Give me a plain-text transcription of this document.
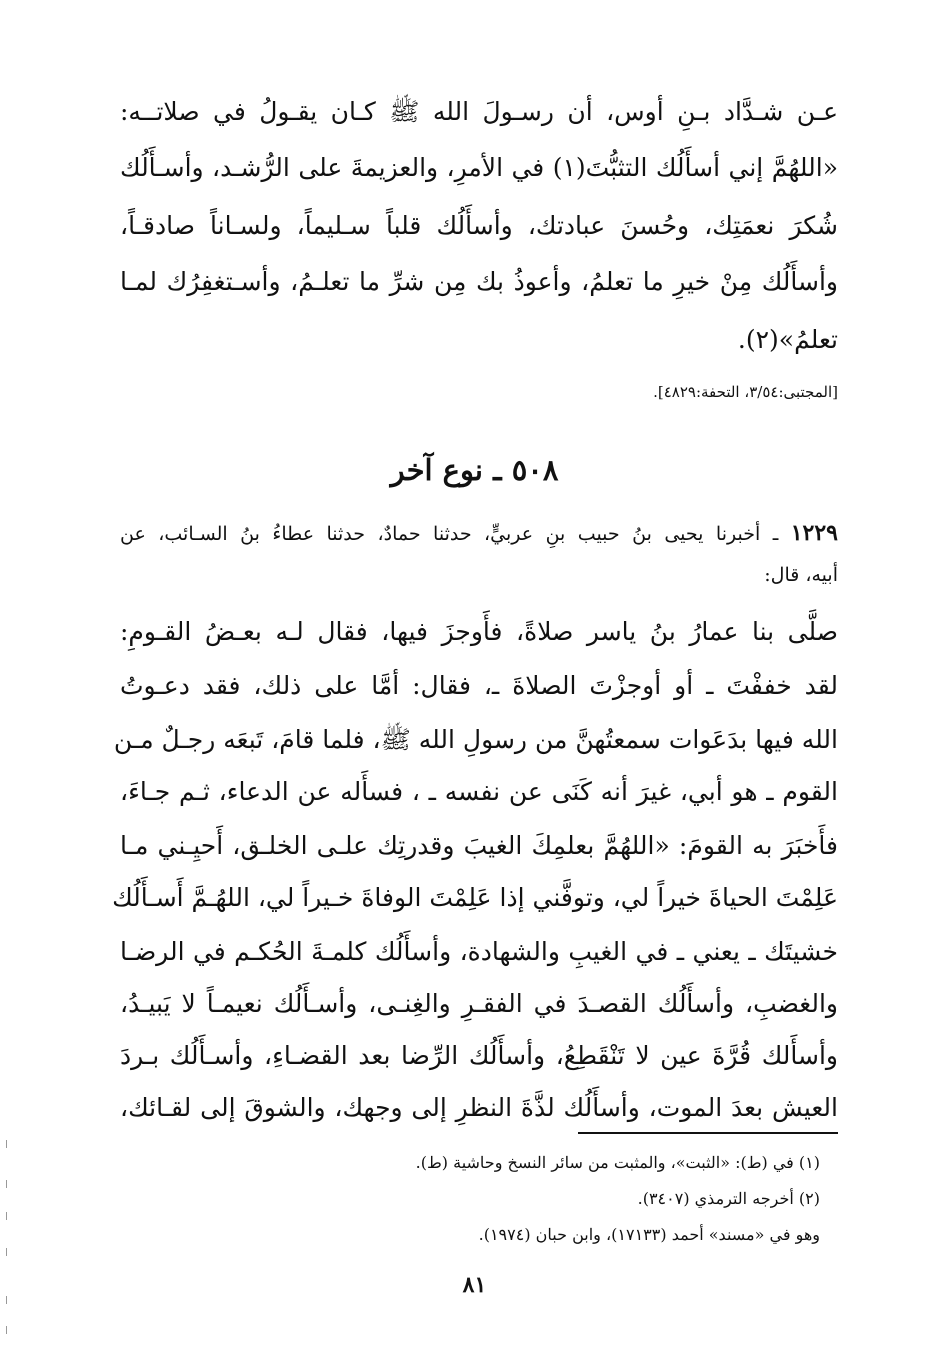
عـن شـدَّاد بـنِ أوس، أن رسـولَ الله ﷺ كـان يقـولُ في صلاتــه:
«اللهُمَّ إني أسأَلُك التثبُّتَ(١) في الأمرِ، والعزيمةَ على الرُّشـد، وأسـأَلُك
شُكرَ نعمَتِك، وحُسنَ عبادتك، وأسأَلُك قلباً سـليماً، ولسـاناً صادقـاً،
وأسأَلُك مِنْ خيرِ ما تعلمُ، وأعوذُ بك مِن شرِّ ما تعلـمُ، وأسـتغفِرُك لمـا
تعلمُ»(٢).
[المجتبى:٣/٥٤، التحفة:٤٨٢٩].
٥٠٨ ـ نوع آخر
١٢٢٩ ـ أخبرنا يحيى بنُ حبيب بنِ عربيٍّ، حدثنا حمادٌ، حدثنا عطاءُ بنُ السـائب، عن
أبيه، قال:
صلَّى بنا عمارُ بنُ ياسر صلاةً، فأَوجزَ فيها، فقال لـه بعـضُ القـومِ:
لقد خففْتَ ـ أو أوجزْتَ الصلاةَ ـ، فقال: أمَّا على ذلك، فقد دعـوتُ
الله فيها بدَعَوات سمعتُهنَّ من رسولِ الله ﷺ، فلما قامَ، تَبعَه رجـلٌ مـن
القوم ـ هو أبي، غيرَ أنه كَنَى عن نفسه ـ ، فسأَله عن الدعاء، ثـم جـاءَ،
فأَخبَرَ به القومَ: «اللهُمَّ بعلمِكَ الغيبَ وقدرتِك علـى الخلـق، أَحيِـني مـا
عَلِمْتَ الحياةَ خيراً لي، وتوفَّني إذا عَلِمْتَ الوفاةَ خـيراً لي، اللهُـمَّ أَسـأَلُك
خشيتَك ـ يعني ـ في الغيبِ والشهادة، وأسأَلُك كلمـةَ الحُكـم في الرضـا
والغضبِ، وأسأَلُك القصـدَ في الفقـرِ والغِنـى، وأسـأَلُك نعيمـاً لا يَبيـدُ،
وأسأَلك قُرَّةَ عين لا تَنْقَطِعُ، وأسأَلُك الرِّضا بعد القضـاءِ، وأسـأَلُك بـردَ
العيش بعدَ الموت، وأسأَلُك لذَّةَ النظرِ إلى وجهك، والشوقَ إلى لقـائك،
(١) في (ط): «الثبت»، والمثبت من سائر النسخ وحاشية (ط).
(٢) أخرجه الترمذي (٣٤٠٧).
وهو في «مسند» أحمد (١٧١٣٣)، وابن حبان (١٩٧٤).
٨١
